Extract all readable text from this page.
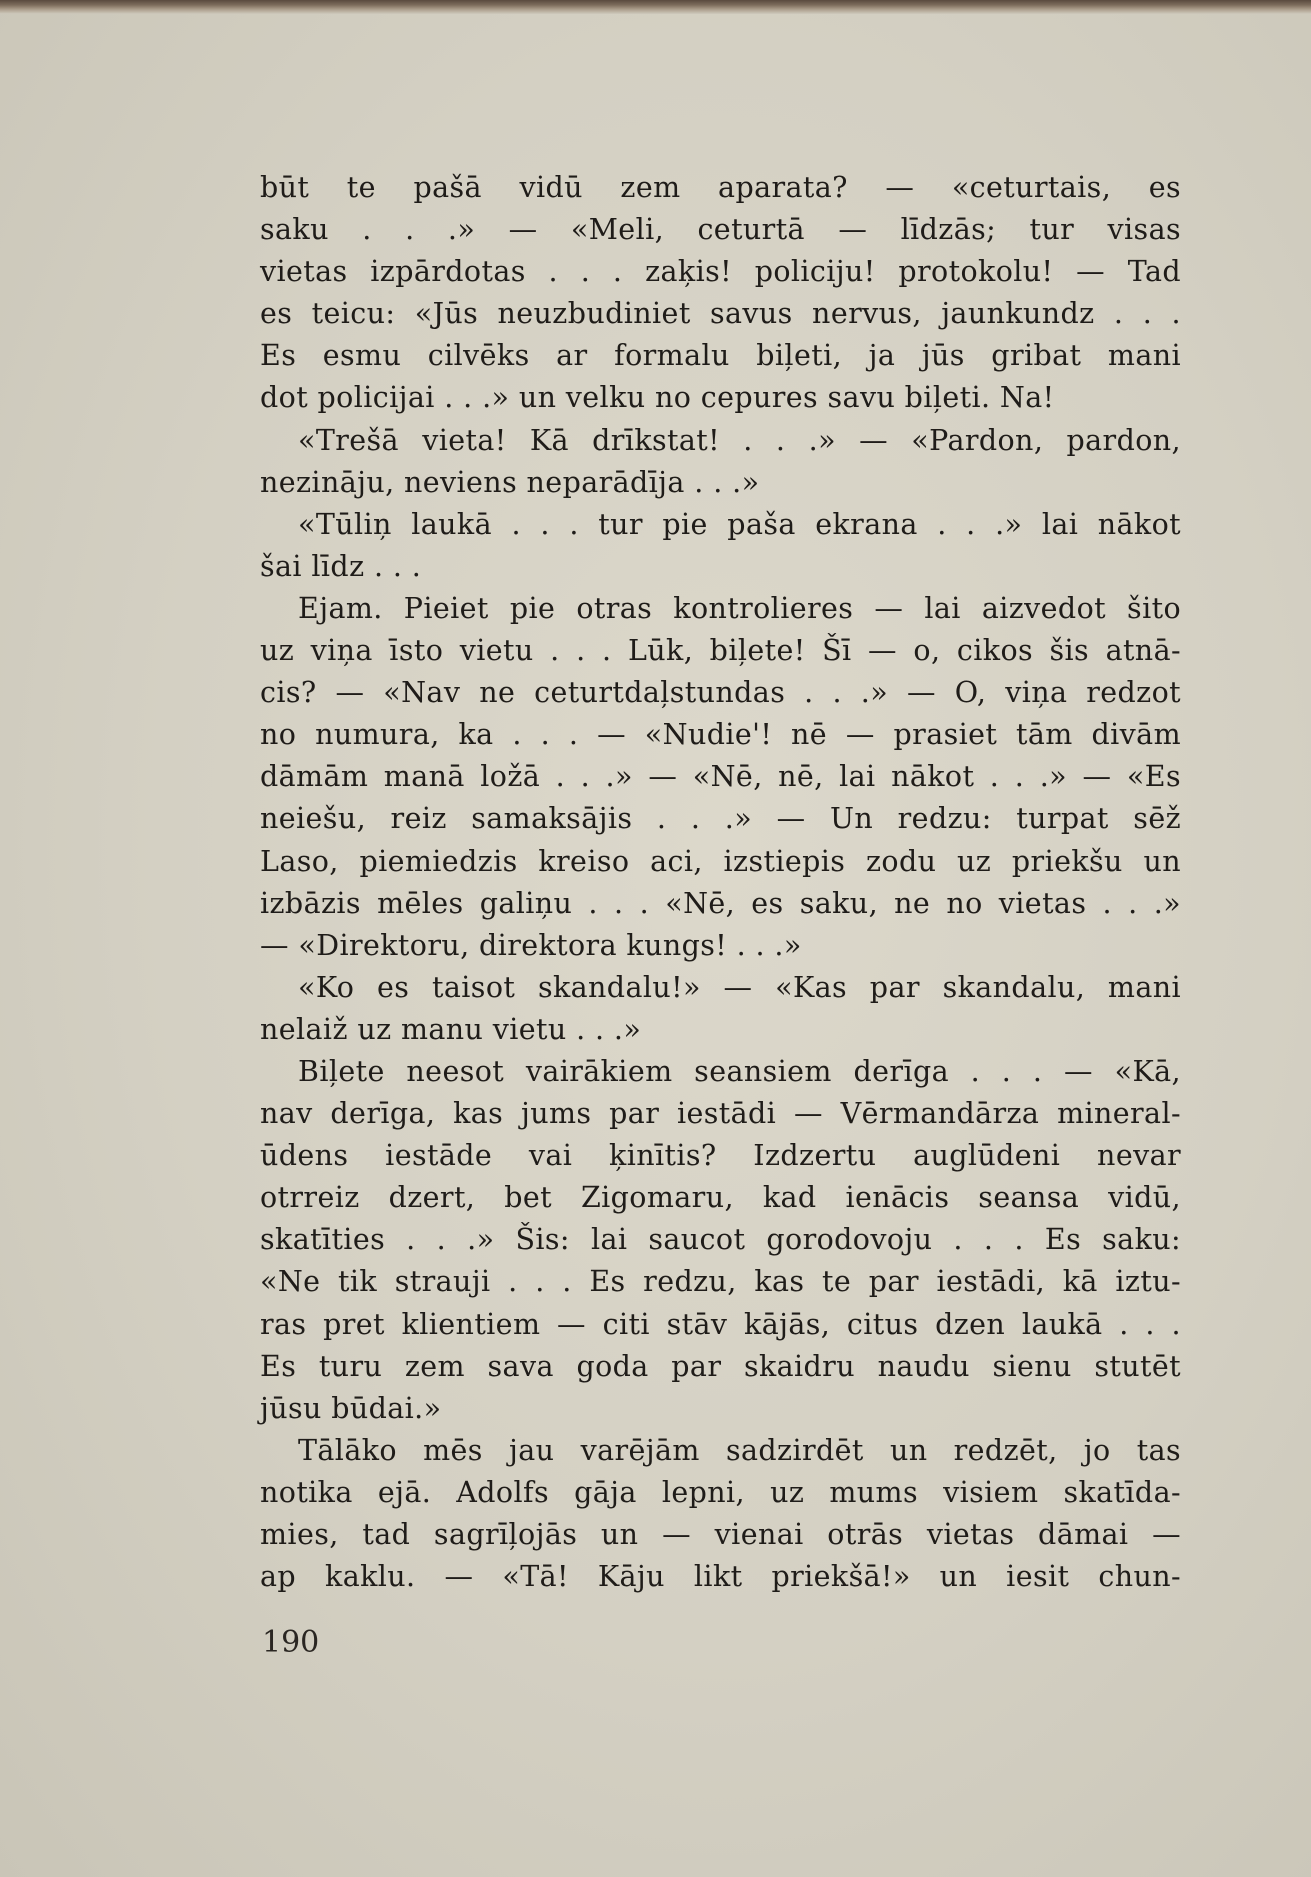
būt te pašā vidū zem aparata? — «ceturtais, es
saku . . .» — «Meli, ceturtā — līdzās; tur visas
vietas izpārdotas . . . zaķis! policiju! protokolu! — Tad
es teicu: «Jūs neuzbudiniet savus nervus, jaunkundz . . .
Es esmu cilvēks ar formalu biļeti, ja jūs gribat mani
dot policijai . . .» un velku no cepures savu biļeti. Na!
«Trešā vieta! Kā drīkstat! . . .» — «Pardon, pardon,
nezināju, neviens neparādīja . . .»
«Tūliņ laukā . . . tur pie paša ekrana . . .» lai nākot
šai līdz . . .
Ejam. Pieiet pie otras kontrolieres — lai aizvedot šito
uz viņa īsto vietu . . . Lūk, biļete! Šī — o, cikos šis atnā-
cis? — «Nav ne ceturtdaļstundas . . .» — O, viņa redzot
no numura, ka . . . — «Nudie'! nē — prasiet tām divām
dāmām manā ložā . . .» — «Nē, nē, lai nākot . . .» — «Es
neiešu, reiz samaksājis . . .» — Un redzu: turpat sēž
Laso, piemiedzis kreiso aci, izstiepis zodu uz priekšu un
izbāzis mēles galiņu . . . «Nē, es saku, ne no vietas . . .»
— «Direktoru, direktora kungs! . . .»
«Ko es taisot skandalu!» — «Kas par skandalu, mani
nelaiž uz manu vietu . . .»
Biļete neesot vairākiem seansiem derīga . . . — «Kā,
nav derīga, kas jums par iestādi — Vērmandārza mineral-
ūdens iestāde vai ķinītis? Izdzertu auglūdeni nevar
otrreiz dzert, bet Zigomaru, kad ienācis seansa vidū,
skatīties . . .» Šis: lai saucot gorodovoju . . . Es saku:
«Ne tik strauji . . . Es redzu, kas te par iestādi, kā iztu-
ras pret klientiem — citi stāv kājās, citus dzen laukā . . .
Es turu zem sava goda par skaidru naudu sienu stutēt
jūsu būdai.»
Tālāko mēs jau varējām sadzirdēt un redzēt, jo tas
notika ejā. Adolfs gāja lepni, uz mums visiem skatīda-
mies, tad sagrīļojās un — vienai otrās vietas dāmai —
ap kaklu. — «Tā! Kāju likt priekšā!» un iesit chun-
190
